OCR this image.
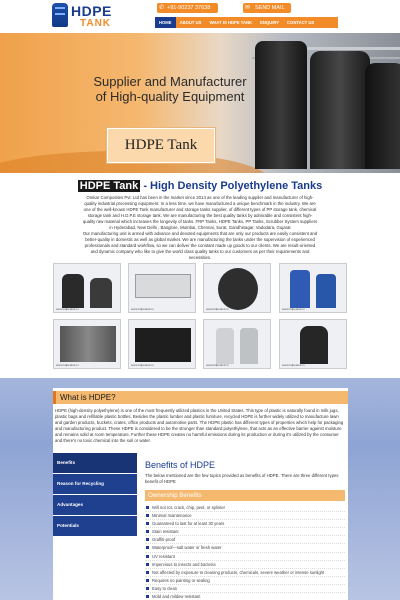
HDPE
TANK
✆ +91-90237 37638	✉ SEND MAIL
HOME	ABOUT US	WHAT IS HDPE TANK	ENQUIRY	CONTACT US
Supplier and Manufacturer
of High-quality Equipment
HDPE Tank
HDPE Tank - High Density Polyethylene Tanks
Omkar Composites Pvt. Ltd has been in the market since 2014 as one of the leading supplier and manufacturer of high-quality industrial processing equipment. In a less time, we have manufactured a unique benchmark in the industry. We are one of the well-known HDPE Tank manufacturer and storage tanks supplier, of different types of PP storage tank, chemical storage tank and H.D.P.E storage tank. We are manufacturing the best quality tanks by admirable and consistent high-quality raw material which increases the longevity of tanks. FRP Tanks, HDPE Tanks, PP Tanks, Scrubber System suppliers in Hyderabad, New Delhi , Banglore, Mumbai, Chennai, Surat, Gandhinagar, Vadodara, Gujarat
Our manufacturing unit is armed with advance and devoted equipments that are only our products are easily consistent and better-quality in domestic as well as global market. We are manufacturing the tanks under the supervision of experienced professionals and standard workflow, so we can deliver the constant made up goods to our clients. We are result-oriented and dynamic company who like to give the world class quality tanks to our customers as per their requirements and necessities.
www.hdpetank.in	www.hdpetank.in	www.hdpetank.in	www.hdpetank.in
www.hdpetank.in	www.hdpetank.in	www.hdpetank.in	www.hdpetank.in
What is HDPE?
HDPE (high-density polyethylene) is one of the most frequently utilized plastics in the United States. This type of plastic is naturally found in milk jugs, plastic bags and refillable plastic bottles. Besides the plastic lumber and plastic furniture, recycled HDPE is further widely utilized to manufacture lawn and garden products, buckets, crates, office products and automotive parts. The HDPE plastic has different types of properties which help for packaging and manufacturing product. These HDPE is considered to be the stronger than standard polyethylene, that acts as an effective barrier against moisture and remains solid at room temperature. Further these HDPE creates no harmful emissions during its production or during it's utilized by the consumer and there's no toxic chemical into the soil or water.
Benefits
Reason for Recycling
Advantages
Potentials
Benefits of HDPE
The below mentioned are the few topics provided as benefits of HDPE. There are three different types benefit of HDPE
Ownership Benefits
Will not rot, crack, chip, peel, or splinter
Minimal maintenance
Guaranteed to last for at least 30 years
Stain resistant
Graffiti-proof
Waterproof—salt water or fresh water
UV resistant
Impervious to insects and bacteria
Not affected by exposure to cleaning products, chemicals, severe weather or intense sunlight
Requires no painting or sealing
Easy to clean
Mold and mildew resistant
